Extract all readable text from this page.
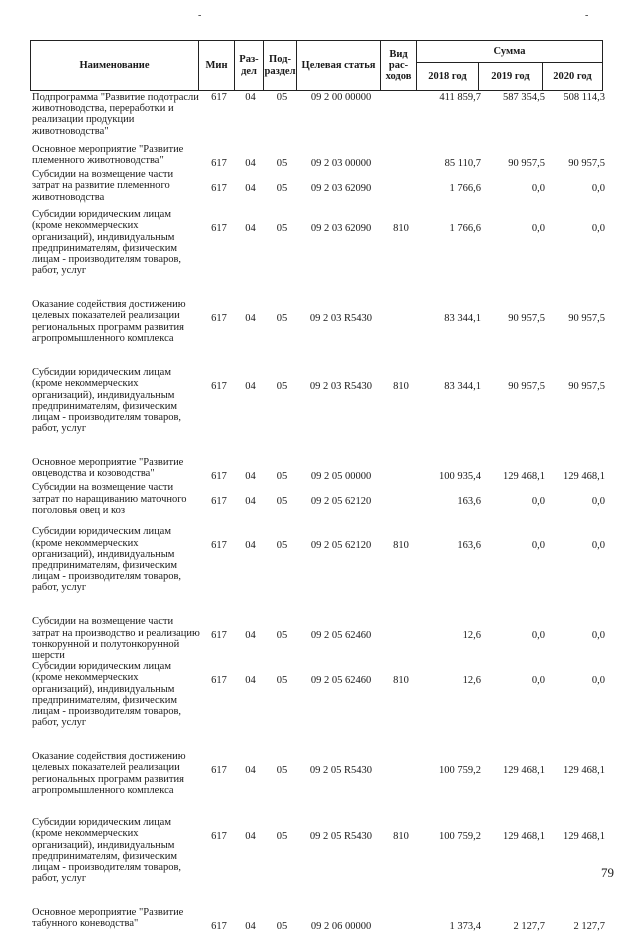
-	-
Наименование	Мин	Раз-дел	Под-раздел	Целевая статья	Вид рас-ходов	Сумма		
						2018 год	2019 год	2020 год
Подпрограмма "Развитие подотрасли животноводства, переработки и реализации продукции животноводства"	617	04	05	09 2 00 00000		411 859,7	587 354,5	508 114,3
Основное мероприятие "Развитие племенного животноводства"	617	04	05	09 2 03 00000		85 110,7	90 957,5	90 957,5
Субсидии на возмещение части затрат на развитие племенного животноводства	617	04	05	09 2 03 62090		1 766,6	0,0	0,0
Субсидии юридическим лицам (кроме некоммерческих организаций), индивидуальным предпринимателям, физическим лицам - производителям товаров, работ, услуг	617	04	05	09 2 03 62090	810	1 766,6	0,0	0,0
Оказание содействия достижению целевых показателей реализации региональных программ развития агропромышленного комплекса	617	04	05	09 2 03 R5430		83 344,1	90 957,5	90 957,5
Субсидии юридическим лицам (кроме некоммерческих организаций), индивидуальным предпринимателям, физическим лицам - производителям товаров, работ, услуг	617	04	05	09 2 03 R5430	810	83 344,1	90 957,5	90 957,5
Основное мероприятие "Развитие овцеводства и козоводства"	617	04	05	09 2 05 00000		100 935,4	129 468,1	129 468,1
Субсидии на возмещение части затрат по наращиванию маточного поголовья овец и коз	617	04	05	09 2 05 62120		163,6	0,0	0,0
Субсидии юридическим лицам (кроме некоммерческих организаций), индивидуальным предпринимателям, физическим лицам - производителям товаров, работ, услуг	617	04	05	09 2 05 62120	810	163,6	0,0	0,0
Субсидии на возмещение части затрат на производство и реализацию тонкорунной и полутонкорунной шерсти	617	04	05	09 2 05 62460		12,6	0,0	0,0
Субсидии юридическим лицам (кроме некоммерческих организаций), индивидуальным предпринимателям, физическим лицам - производителям товаров, работ, услуг	617	04	05	09 2 05 62460	810	12,6	0,0	0,0
Оказание содействия достижению целевых показателей реализации региональных программ развития агропромышленного комплекса	617	04	05	09 2 05 R5430		100 759,2	129 468,1	129 468,1
Субсидии юридическим лицам (кроме некоммерческих организаций), индивидуальным предпринимателям, физическим лицам - производителям товаров, работ, услуг	617	04	05	09 2 05 R5430	810	100 759,2	129 468,1	129 468,1
Основное мероприятие "Развитие табунного коневодства"	617	04	05	09 2 06 00000		1 373,4	2 127,7	2 127,7
79
